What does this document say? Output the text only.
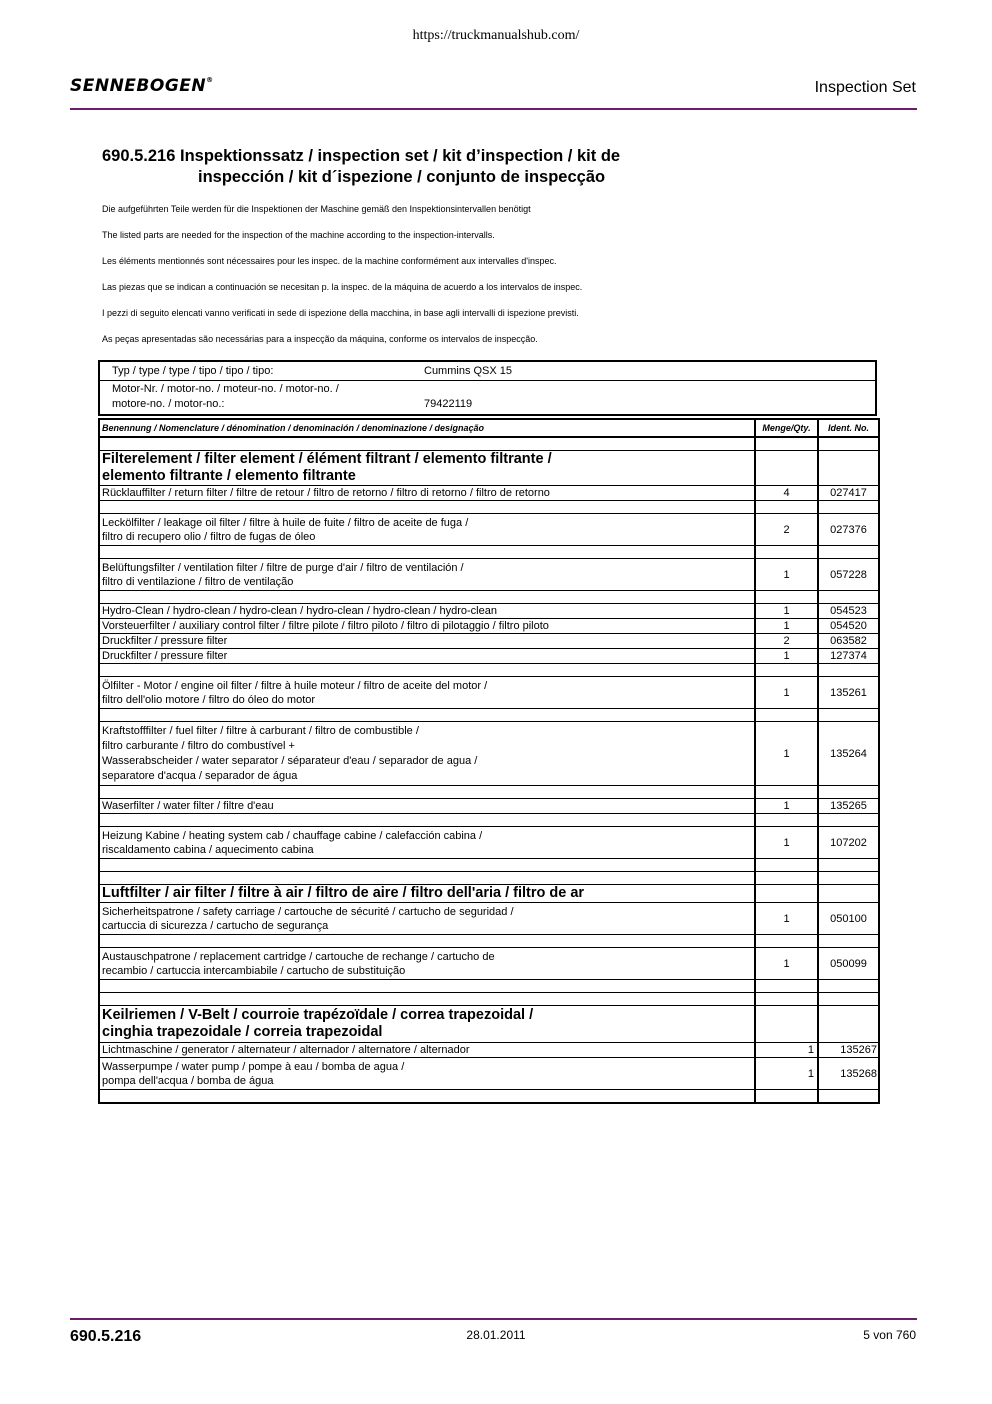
https://truckmanualshub.com/
SENNEBOGEN®	Inspection Set
690.5.216 Inspektionssatz / inspection set / kit d’inspection / kit de
inspección / kit d´ispezione / conjunto de inspecção
Die aufgeführten Teile werden für die Inspektionen der Maschine gemäß den Inspektionsintervallen benötigt
The listed parts are needed for the inspection of the machine according to the inspection-intervalls.
Les éléments mentionnés sont nécessaires pour les inspec. de la machine conformément aux intervalles d'inspec.
Las piezas que se indican a continuación se necesitan p. la inspec. de la máquina de acuerdo a los intervalos de inspec.
I pezzi di seguito elencati vanno verificati in sede di ispezione della macchina, in base agli intervalli di ispezione previsti.
As peças apresentadas são necessárias para a inspecção da máquina, conforme os intervalos de inspecção.
Typ / type / type / tipo / tipo / tipo:	Cummins QSX 15
Motor-Nr. / motor-no. / moteur-no. / motor-no. /
motore-no. / motor-no.:	79422119
Benennung / Nomenclature / dénomination / denominación / denominazione / designação	Menge/Qty.	Ident. No.

Filterelement / filter element / élément filtrant / elemento filtrante /
elemento filtrante / elemento filtrante		
Rücklauffilter / return filter / filtre de retour / filtro de retorno / filtro di retorno / filtro de retorno	4	027417

Leckölfilter / leakage oil filter / filtre à huile de fuite / filtro de aceite de fuga /
filtro di recupero olio / filtro de fugas de óleo	2	027376

Belüftungsfilter / ventilation filter / filtre de purge d'air / filtro de ventilación /
filtro di ventilazione / filtro de ventilação	1	057228

Hydro-Clean / hydro-clean / hydro-clean / hydro-clean / hydro-clean / hydro-clean	1	054523
Vorsteuerfilter / auxiliary control filter / filtre pilote / filtro piloto / filtro di pilotaggio / filtro piloto	1	054520
Druckfilter / pressure filter	2	063582
Druckfilter / pressure filter	1	127374

Ölfilter - Motor / engine oil filter / filtre à huile moteur / filtro de aceite del motor /
filtro dell'olio motore / filtro do óleo do motor	1	135261

Kraftstofffilter / fuel filter / filtre à carburant / filtro de combustible /
filtro carburante / filtro do combustível +
Wasserabscheider / water separator / séparateur d'eau / separador de agua /
separatore d'acqua / separador de água	1	135264

Waserfilter / water filter / filtre d'eau	1	135265

Heizung Kabine / heating system cab / chauffage cabine / calefacción cabina /
riscaldamento cabina / aquecimento cabina	1	107202

Luftfilter / air filter / filtre à air / filtro de aire / filtro dell'aria / filtro de ar		
Sicherheitspatrone / safety carriage / cartouche de sécurité / cartucho de seguridad /
cartuccia di sicurezza / cartucho de segurança	1	050100

Austauschpatrone / replacement cartridge / cartouche de rechange / cartucho de
recambio / cartuccia intercambiabile / cartucho de substituição	1	050099

Keilriemen / V-Belt / courroie trapézoïdale / correa trapezoidal /
cinghia trapezoidale / correia trapezoidal		
Lichtmaschine / generator / alternateur / alternador / alternatore / alternador	1	135267
Wasserpumpe / water pump / pompe à eau / bomba de agua /
pompa dell'acqua / bomba de água	1	135268

690.5.216	28.01.2011	5 von 760
